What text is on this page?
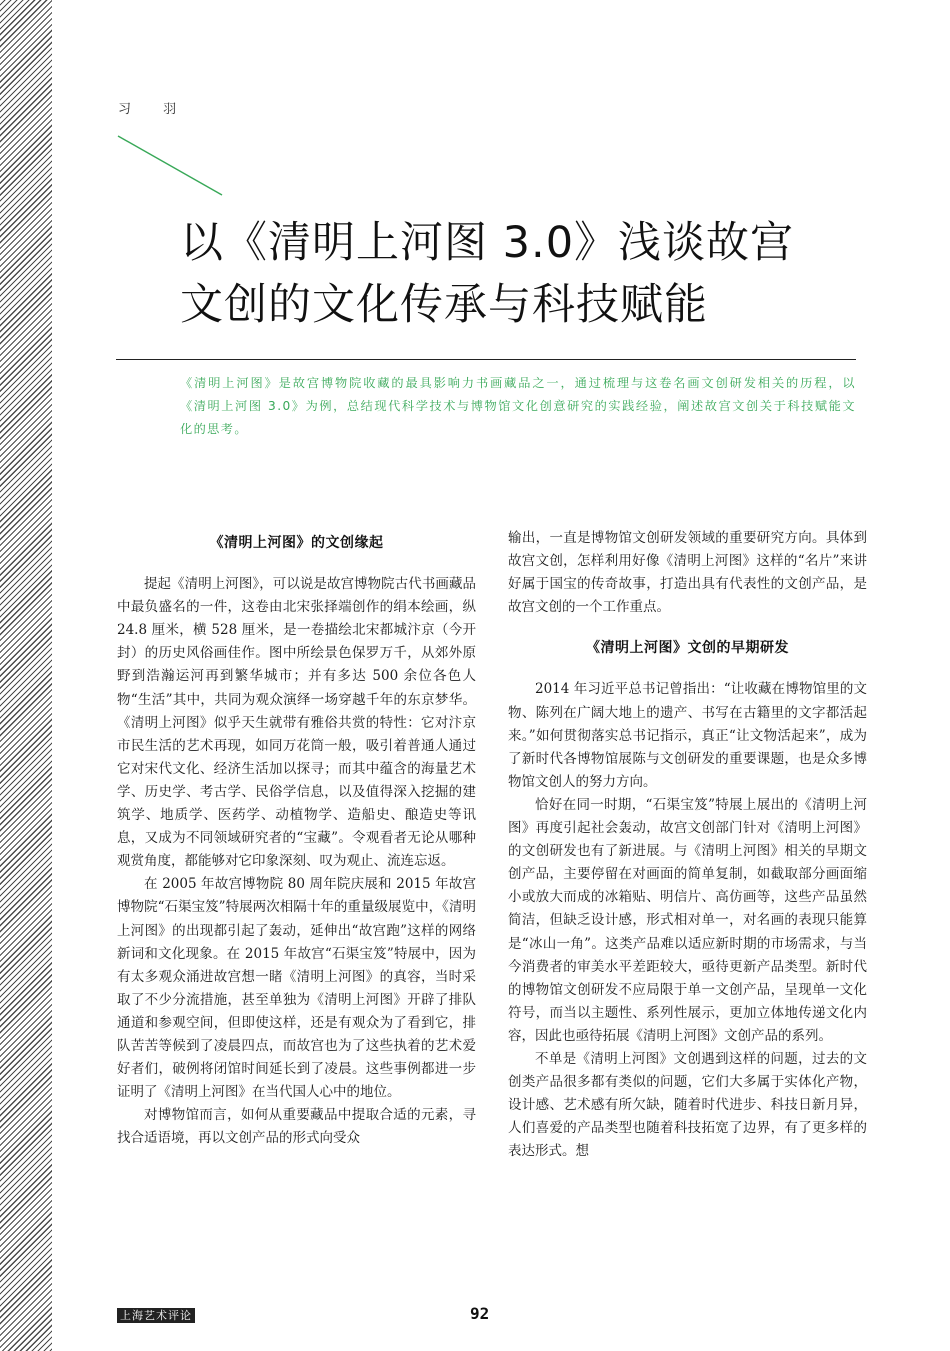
习 羽
以《清明上河图 3.0》浅谈故宫
文创的文化传承与科技赋能
《清明上河图》是故宫博物院收藏的最具影响力书画藏品之一，通过梳理与这卷名画文创研发相关的历程，以《清明上河图 3.0》为例，总结现代科学技术与博物馆文化创意研究的实践经验，阐述故宫文创关于科技赋能文化的思考。
《清明上河图》的文创缘起

提起《清明上河图》，可以说是故宫博物院古代书画藏品中最负盛名的一件，这卷由北宋张择端创作的绢本绘画，纵 24.8 厘米，横 528 厘米，是一卷描绘北宋都城汴京（今开封）的历史风俗画佳作。图中所绘景色保罗万千，从郊外原野到浩瀚运河再到繁华城市；并有多达 500 余位各色人物“生活”其中，共同为观众演绎一场穿越千年的东京梦华。《清明上河图》似乎天生就带有雅俗共赏的特性：它对汴京市民生活的艺术再现，如同万花筒一般，吸引着普通人通过它对宋代文化、经济生活加以探寻；而其中蕴含的海量艺术学、历史学、考古学、民俗学信息，以及值得深入挖掘的建筑学、地质学、医药学、动植物学、造船史、酿造史等讯息，又成为不同领域研究者的“宝藏”。令观看者无论从哪种观赏角度，都能够对它印象深刻、叹为观止、流连忘返。

在 2005 年故宫博物院 80 周年院庆展和 2015 年故宫博物院“石渠宝笈”特展两次相隔十年的重量级展览中，《清明上河图》的出现都引起了轰动，延伸出“故宫跑”这样的网络新词和文化现象。在 2015 年故宫“石渠宝笈”特展中，因为有太多观众涌进故宫想一睹《清明上河图》的真容，当时采取了不少分流措施，甚至单独为《清明上河图》开辟了排队通道和参观空间，但即使这样，还是有观众为了看到它，排队苦苦等候到了凌晨四点，而故宫也为了这些执着的艺术爱好者们，破例将闭馆时间延长到了凌晨。这些事例都进一步证明了《清明上河图》在当代国人心中的地位。

对博物馆而言，如何从重要藏品中提取合适的元素，寻找合适语境，再以文创产品的形式向受众

输出，一直是博物馆文创研发领域的重要研究方向。具体到故宫文创，怎样利用好像《清明上河图》这样的“名片”来讲好属于国宝的传奇故事，打造出具有代表性的文创产品，是故宫文创的一个工作重点。

《清明上河图》文创的早期研发

2014 年习近平总书记曾指出：“让收藏在博物馆里的文物、陈列在广阔大地上的遗产、书写在古籍里的文字都活起来。”如何贯彻落实总书记指示，真正“让文物活起来”，成为了新时代各博物馆展陈与文创研发的重要课题，也是众多博物馆文创人的努力方向。

恰好在同一时期，“石渠宝笈”特展上展出的《清明上河图》再度引起社会轰动，故宫文创部门针对《清明上河图》的文创研发也有了新进展。与《清明上河图》相关的早期文创产品，主要停留在对画面的简单复制，如截取部分画面缩小或放大而成的冰箱贴、明信片、高仿画等，这些产品虽然简洁，但缺乏设计感，形式相对单一，对名画的表现只能算是“冰山一角”。这类产品难以适应新时期的市场需求，与当今消费者的审美水平差距较大，亟待更新产品类型。新时代的博物馆文创研发不应局限于单一文创产品，呈现单一文化符号，而当以主题性、系列性展示，更加立体地传递文化内容，因此也亟待拓展《清明上河图》文创产品的系列。

不单是《清明上河图》文创遇到这样的问题，过去的文创类产品很多都有类似的问题，它们大多属于实体化产物，设计感、艺术感有所欠缺，随着时代进步、科技日新月异，人们喜爱的产品类型也随着科技拓宽了边界，有了更多样的表达形式。想

上海艺术评论	92
